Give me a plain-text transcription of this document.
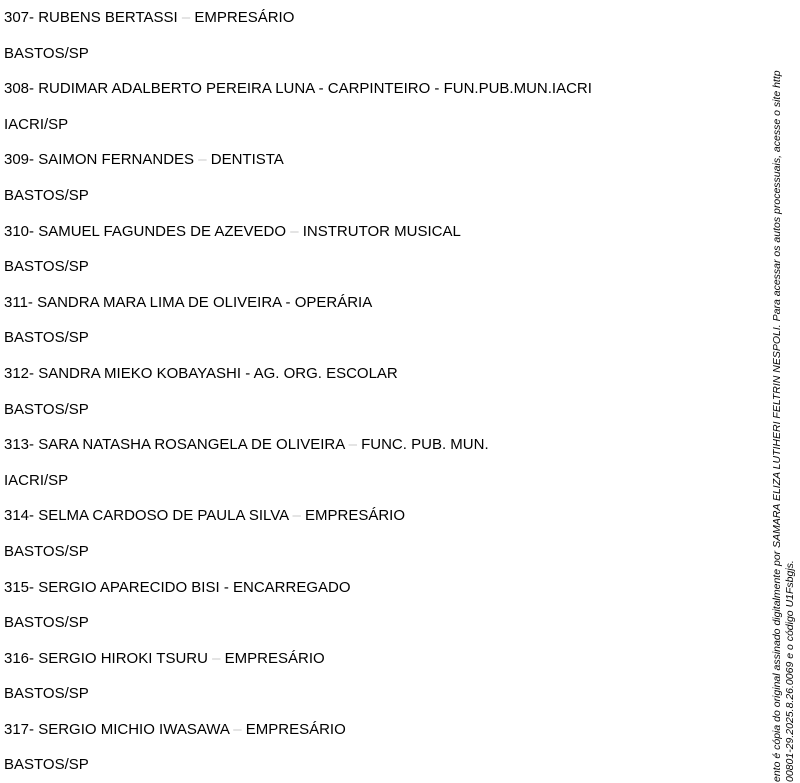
307- RUBENS BERTASSI – EMPRESÁRIO
BASTOS/SP
308- RUDIMAR ADALBERTO PEREIRA LUNA - CARPINTEIRO - FUN.PUB.MUN.IACRI
IACRI/SP
309- SAIMON FERNANDES – DENTISTA
BASTOS/SP
310- SAMUEL FAGUNDES DE AZEVEDO – INSTRUTOR MUSICAL
BASTOS/SP
311- SANDRA MARA LIMA DE OLIVEIRA - OPERÁRIA
BASTOS/SP
312- SANDRA MIEKO KOBAYASHI - AG. ORG. ESCOLAR
BASTOS/SP
313- SARA NATASHA ROSANGELA DE OLIVEIRA – FUNC. PUB. MUN.
IACRI/SP
314- SELMA CARDOSO DE PAULA SILVA – EMPRESÁRIO
BASTOS/SP
315- SERGIO APARECIDO BISI - ENCARREGADO
BASTOS/SP
316- SERGIO HIROKI TSURU – EMPRESÁRIO
BASTOS/SP
317- SERGIO MICHIO IWASAWA – EMPRESÁRIO
BASTOS/SP	ento é cópia do original assinado digitalmente por SAMARA ELIZA LUTIHERI FELTRIN NESPOLI. Para acessar os autos processuais, acesse o site http 00801-29.2025.8.26.0069 e o código U1Fsbgjs.
